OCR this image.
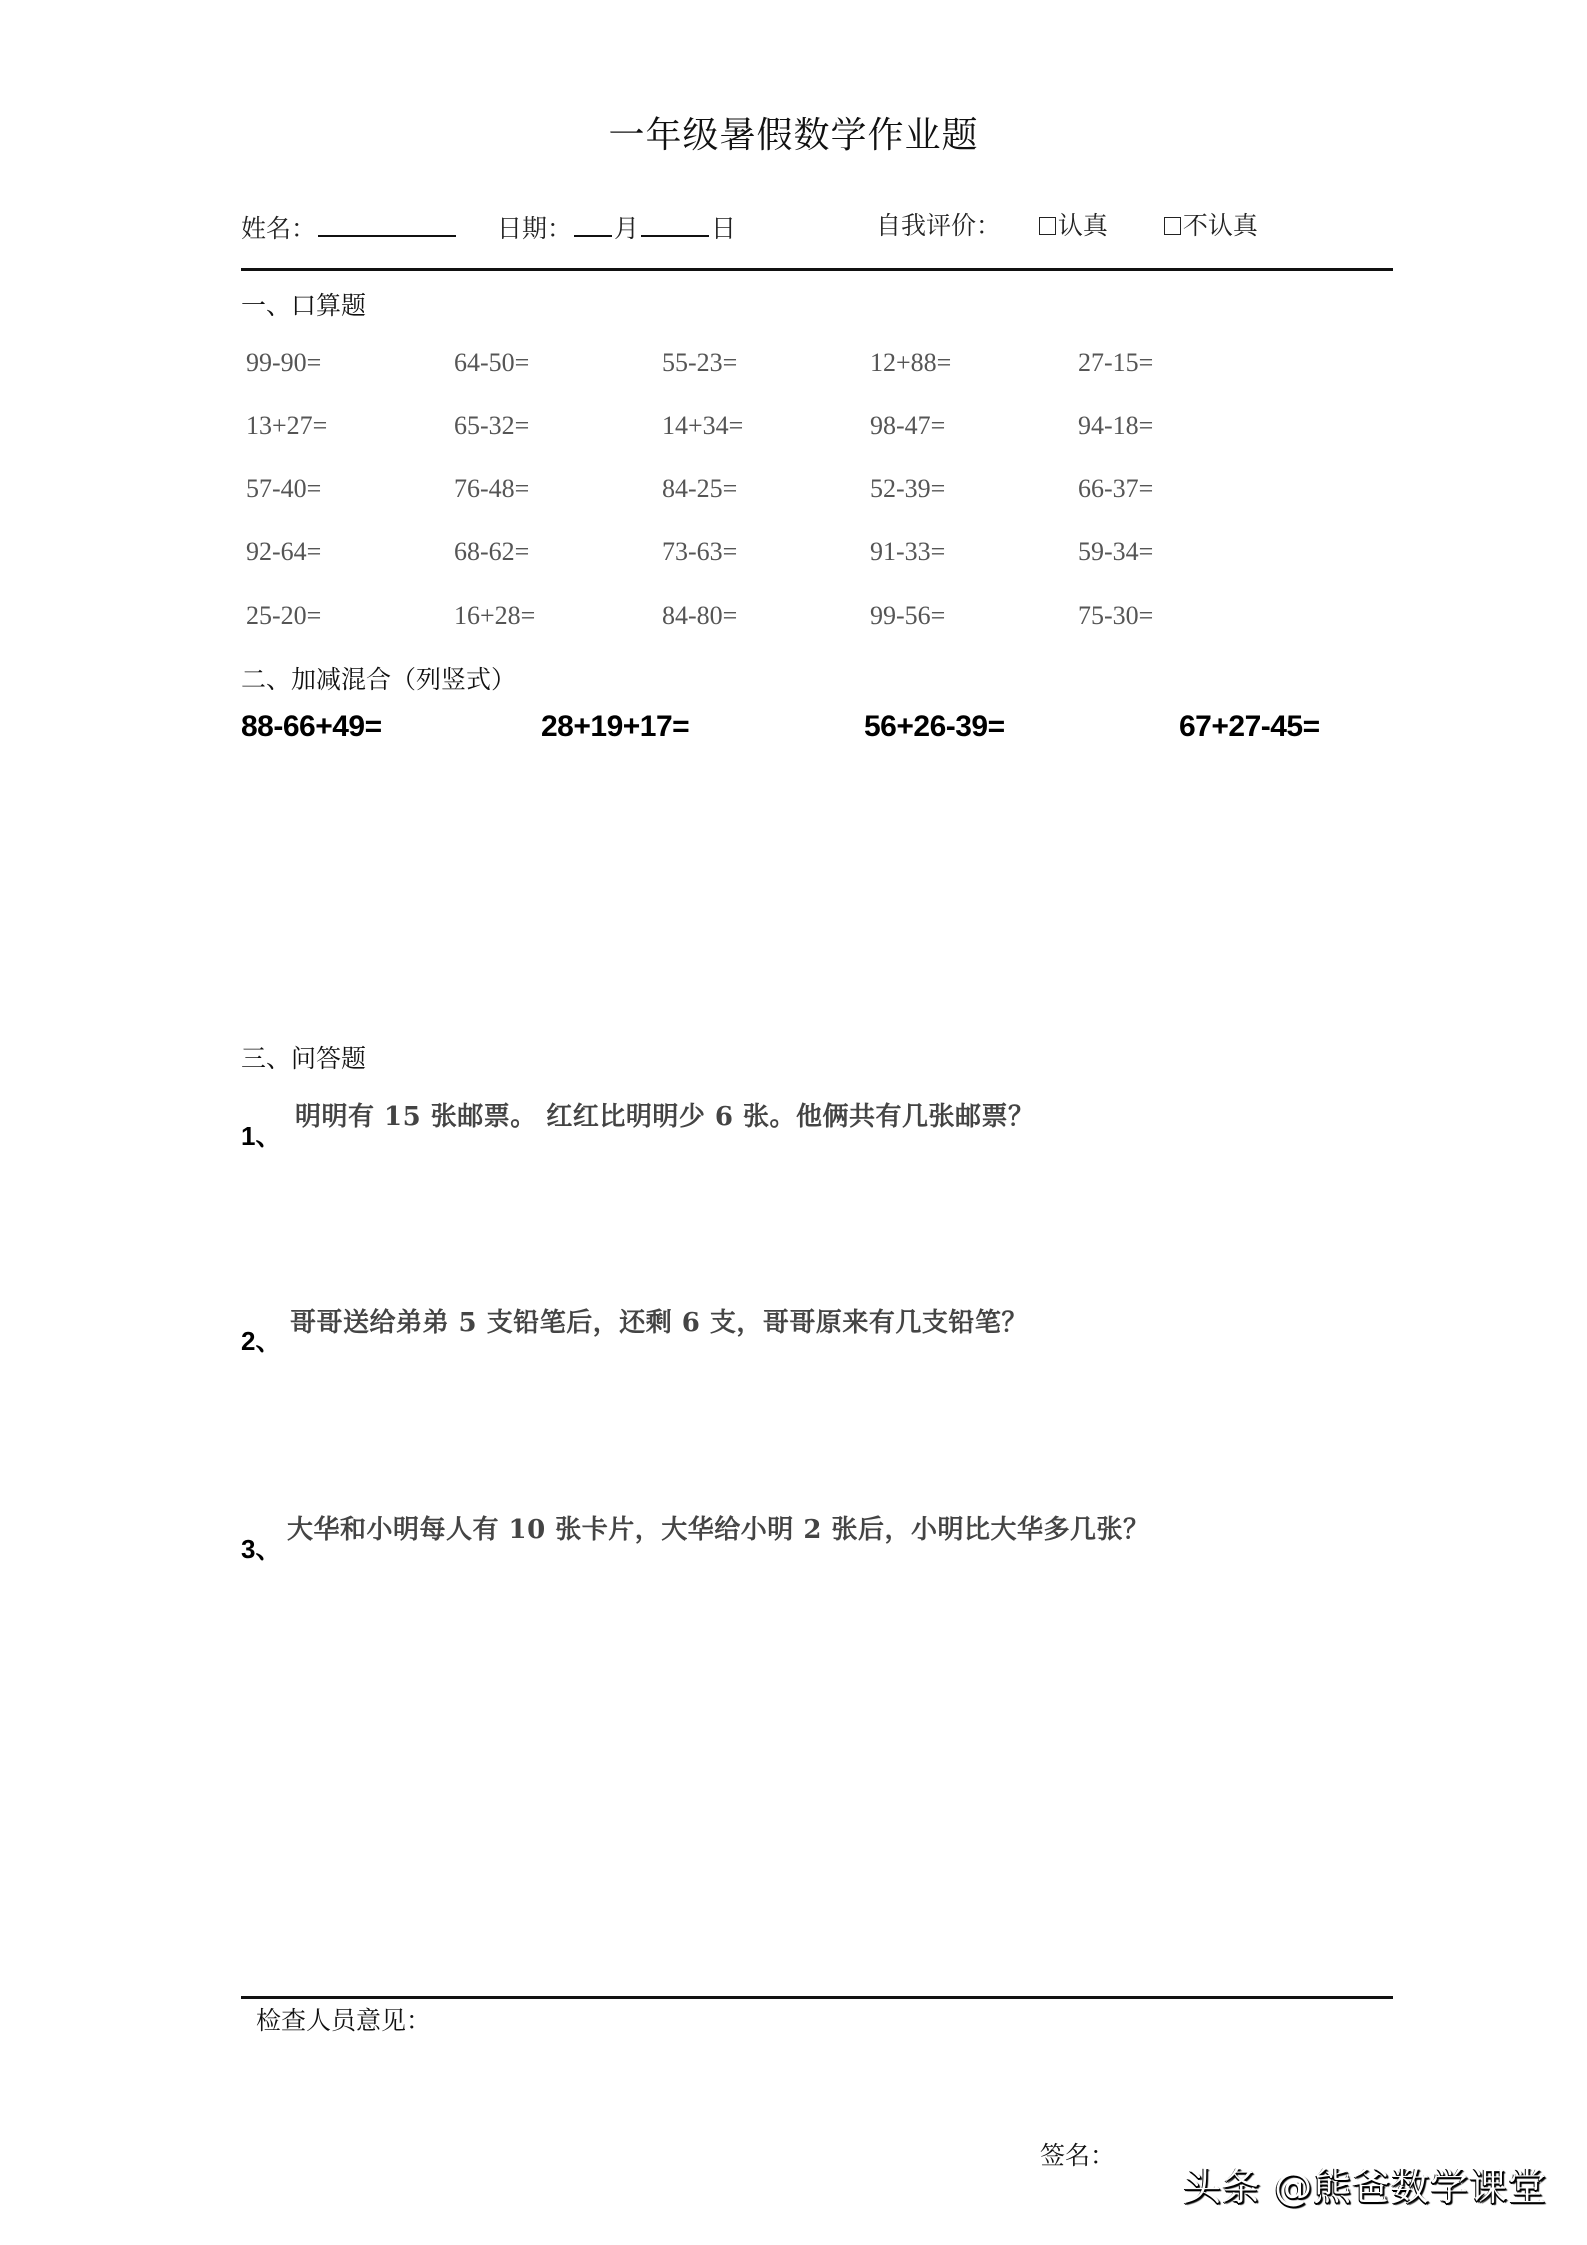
一年级暑假数学作业题
姓名：	日期： 月	日	自我评价： 认真	不认真
一、口算题
99-90=	64-50=	55-23=	12+88=	27-15=
13+27=	65-32=	14+34=	98-47=	94-18=
57-40=	76-48=	84-25=	52-39=	66-37=
92-64=	68-62=	73-63=	91-33=	59-34=
25-20=	16+28=	84-80=	99-56=	75-30=
二、加减混合（列竖式）
88-66+49=	28+19+17=	56+26-39=	67+27-45=
三、问答题
1、
明明有 15 张邮票。 红红比明明少 6 张。他俩共有几张邮票？
2、
哥哥送给弟弟 5 支铅笔后，还剩 6 支，哥哥原来有几支铅笔？
3、
大华和小明每人有 10 张卡片，大华给小明 2 张后，小明比大华多几张？
检查人员意见：
签名：
头条 @熊爸数学课堂
